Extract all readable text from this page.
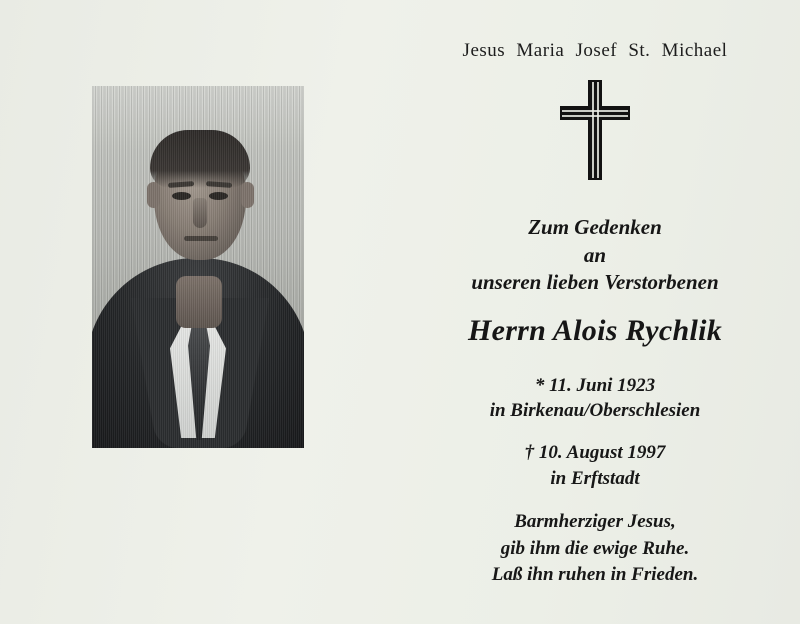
Jesus Maria Josef St. Michael

Zum Gedenken

an

unseren lieben Verstorbenen

Herrn Alois Rychlik

* 11. Juni 1923

in Birkenau/Oberschlesien

† 10. August 1997

in Erftstadt

Barmherziger Jesus,

gib ihm die ewige Ruhe.

Laß ihn ruhen in Frieden.
